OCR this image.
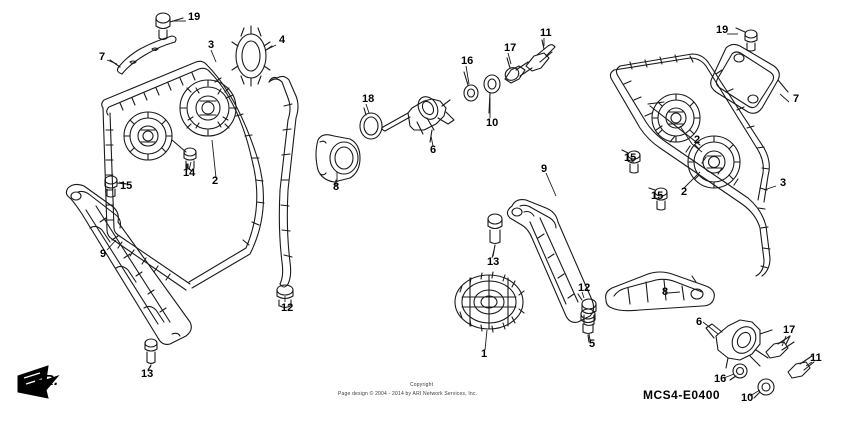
19
4
3
7
14
2
15
9
12
13
8
18
6
16
17
11
10
13
1
5
12
9
15
15
2
2
3
19
7
8
6
17
11
16
10
FR.	Copyright
Page design © 2004 - 2014 by ARI Network Services, Inc.	MCS4-E0400
